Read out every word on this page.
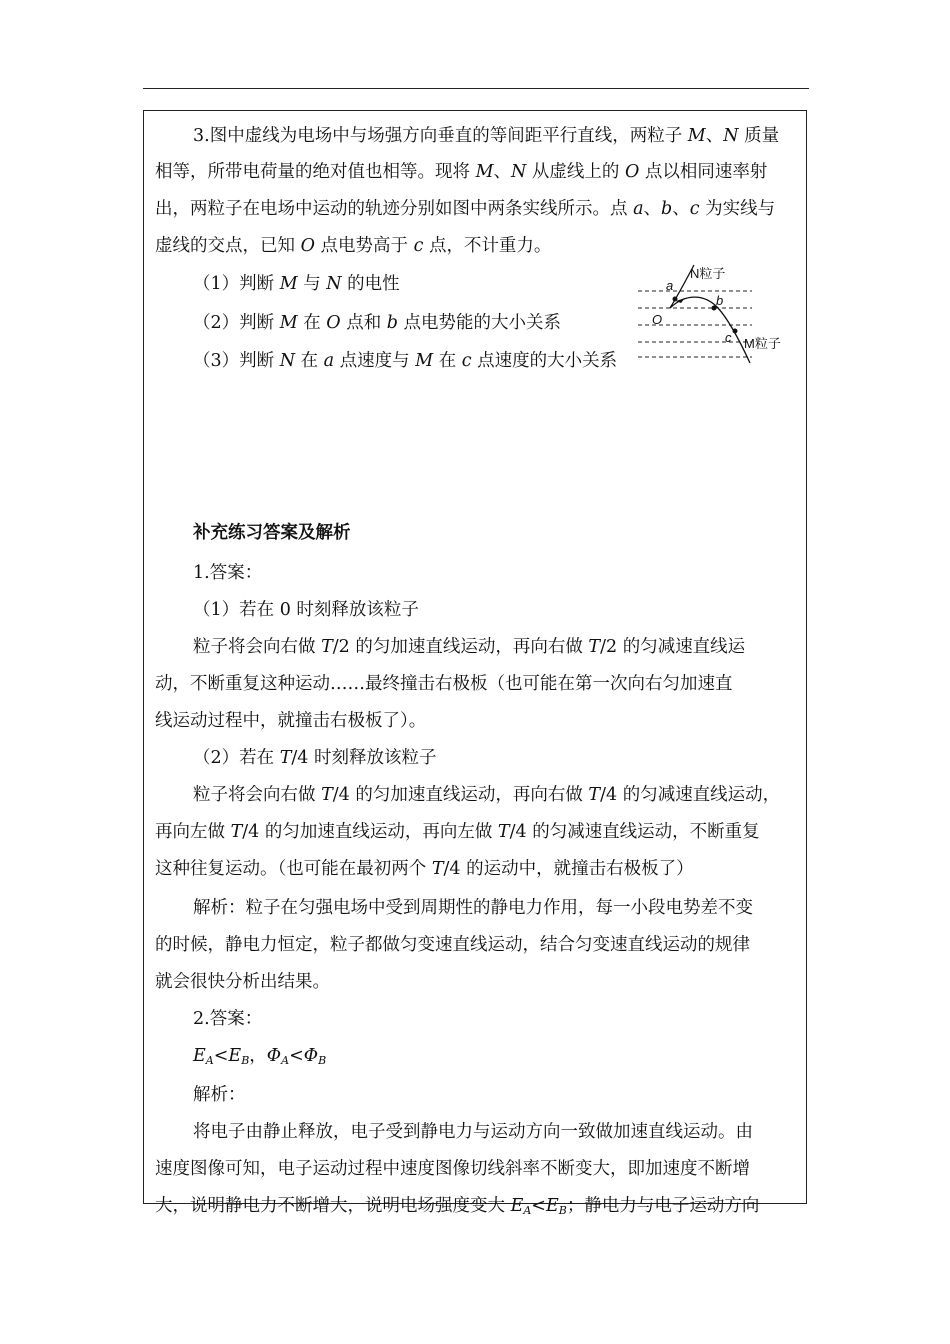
3.图中虚线为电场中与场强方向垂直的等间距平行直线，两粒子 M、N 质量
相等，所带电荷量的绝对值也相等。现将 M、N 从虚线上的 O 点以相同速率射
出，两粒子在电场中运动的轨迹分别如图中两条实线所示。点 a、b、c 为实线与
虚线的交点，已知 O 点电势高于 c 点，不计重力。
（1）判断 M 与 N 的电性
（2）判断 M 在 O 点和 b 点电势能的大小关系
（3）判断 N 在 a 点速度与 M 在 c 点速度的大小关系
N粒子
a
b
O
c M粒子
补充练习答案及解析
1.答案：
（1）若在 0 时刻释放该粒子
粒子将会向右做 T/2 的匀加速直线运动，再向右做 T/2 的匀减速直线运
动，不断重复这种运动……最终撞击右极板（也可能在第一次向右匀加速直
线运动过程中，就撞击右极板了）。
（2）若在 T/4 时刻释放该粒子
粒子将会向右做 T/4 的匀加速直线运动，再向右做 T/4 的匀减速直线运动，
再向左做 T/4 的匀加速直线运动，再向左做 T/4 的匀减速直线运动，不断重复
这种往复运动。（也可能在最初两个 T/4 的运动中，就撞击右极板了）
解析：粒子在匀强电场中受到周期性的静电力作用，每一小段电势差不变
的时候，静电力恒定，粒子都做匀变速直线运动，结合匀变速直线运动的规律
就会很快分析出结果。
2.答案：
$E_A<E_B$，$\Phi_A<\Phi_B$
解析：
将电子由静止释放，电子受到静电力与运动方向一致做加速直线运动。由
速度图像可知，电子运动过程中速度图像切线斜率不断变大，即加速度不断增
大，说明静电力不断增大，说明电场强度变大 $E_A<E_B$；静电力与电子运动方向
